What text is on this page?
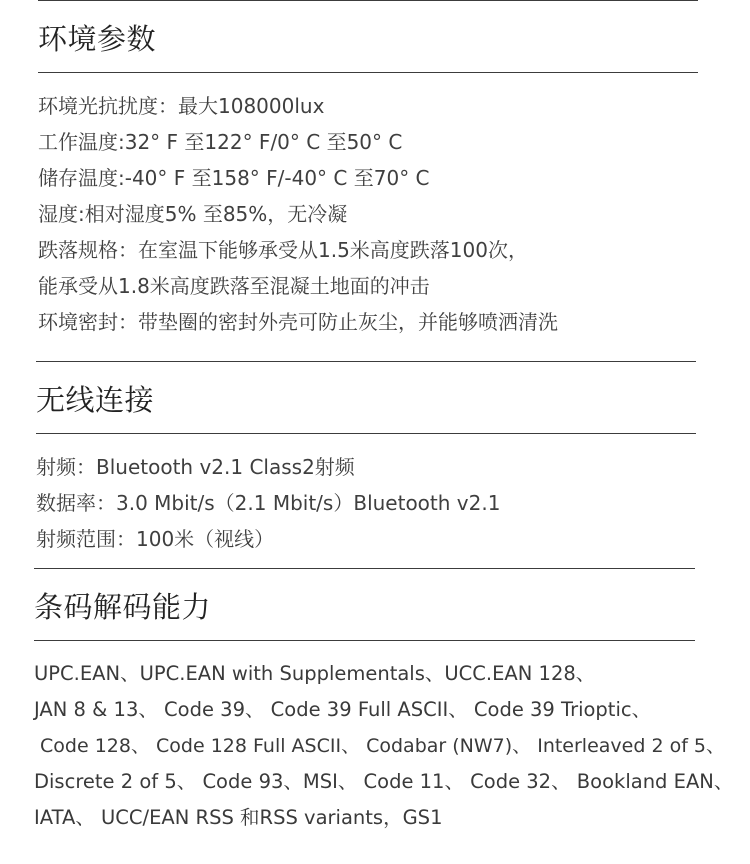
环境参数
环境光抗扰度：最大108000lux
工作温度:32° F 至122° F/0° C 至50° C
储存温度:-40° F 至158° F/-40° C 至70° C
湿度:相对湿度5% 至85%，无冷凝
跌落规格：在室温下能够承受从1.5米高度跌落100次，
能承受从1.8米高度跌落至混凝土地面的冲击
环境密封：带垫圈的密封外壳可防止灰尘，并能够喷洒清洗
无线连接
射频：Bluetooth v2.1 Class2射频
数据率：3.0 Mbit/s（2.1 Mbit/s）Bluetooth v2.1
射频范围：100米（视线）
条码解码能力
UPC.EAN、UPC.EAN with Supplementals、UCC.EAN 128、
JAN 8 & 13、 Code 39、 Code 39 Full ASCII、 Code 39 Trioptic、
Code 128、 Code 128 Full ASCII、 Codabar (NW7)、 Interleaved 2 of 5、
Discrete 2 of 5、 Code 93、MSI、 Code 11、 Code 32、 Bookland EAN、
IATA、 UCC/EAN RSS 和RSS variants，GS1
